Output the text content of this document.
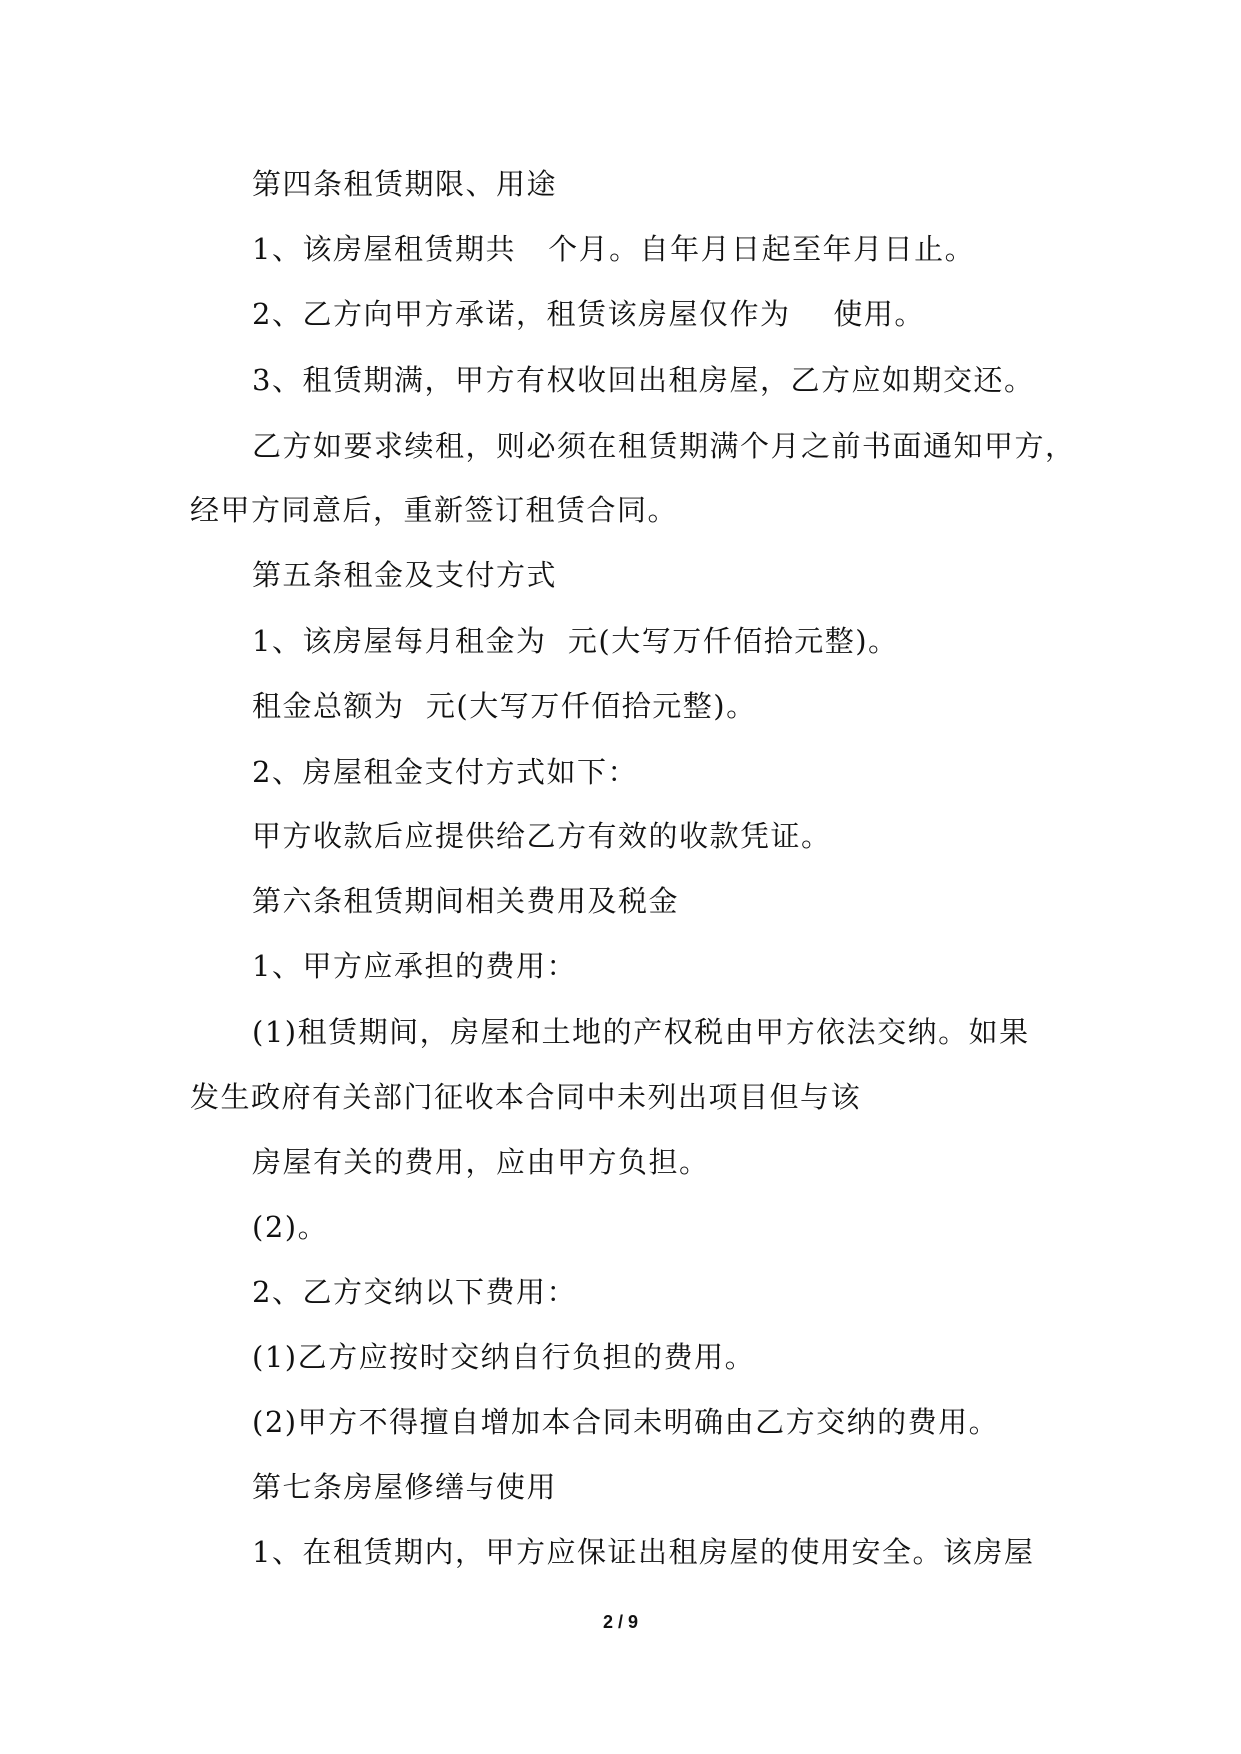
第四条租赁期限、用途
1、该房屋租赁期共   个月。自年月日起至年月日止。
2、乙方向甲方承诺，租赁该房屋仅作为    使用。
3、租赁期满，甲方有权收回出租房屋，乙方应如期交还。
乙方如要求续租，则必须在租赁期满个月之前书面通知甲方，
经甲方同意后，重新签订租赁合同。
第五条租金及支付方式
1、该房屋每月租金为  元(大写万仟佰拾元整)。
租金总额为  元(大写万仟佰拾元整)。
2、房屋租金支付方式如下：
甲方收款后应提供给乙方有效的收款凭证。
第六条租赁期间相关费用及税金
1、甲方应承担的费用：
(1)租赁期间，房屋和土地的产权税由甲方依法交纳。如果
发生政府有关部门征收本合同中未列出项目但与该
房屋有关的费用，应由甲方负担。
(2)。
2、乙方交纳以下费用：
(1)乙方应按时交纳自行负担的费用。
(2)甲方不得擅自增加本合同未明确由乙方交纳的费用。
第七条房屋修缮与使用
1、在租赁期内，甲方应保证出租房屋的使用安全。该房屋
2 / 9
